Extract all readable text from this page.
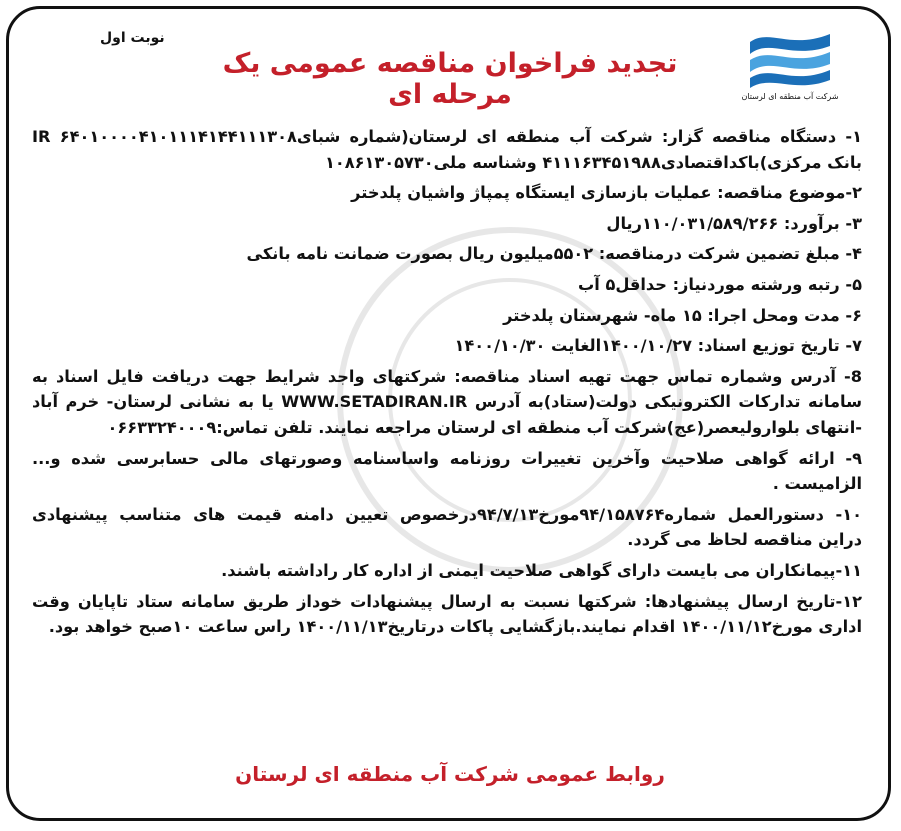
شرکت آب منطقه ای لرستان
نوبت اول
تجدید فراخوان مناقصه عمومی یک مرحله ای

۱- دستگاه مناقصه گزار: شرکت آب منطقه ای لرستان(شماره شبای۶۴۰۱۰۰۰۰۴۱۰۱۱۱۴۱۴۴۱۱۱۳۰۸ IR بانک مرکزی)باکداقتصادی۴۱۱۱۶۳۴۵۱۹۸۸ وشناسه ملی۱۰۸۶۱۳۰۵۷۳۰

۲-موضوع مناقصه: عملیات بازسازی ایستگاه پمپاژ واشیان پلدختر

۳- برآورد: ۱۱۰/۰۳۱/۵۸۹/۲۶۶ریال

۴- مبلغ تضمین شرکت درمناقصه: ۵۵۰۲میلیون ریال بصورت ضمانت نامه بانکی

۵- رتبه ورشته موردنیاز: حداقل۵ آب

۶- مدت ومحل اجرا: ۱۵ ماه- شهرستان پلدختر

۷- تاریخ توزیع اسناد: ۱۴۰۰/۱۰/۲۷الغایت ۱۴۰۰/۱۰/۳۰

8- آدرس وشماره تماس جهت تهیه اسناد مناقصه: شرکتهای واجد شرایط جهت دریافت فایل اسناد به سامانه تدارکات الکترونیکی دولت(ستاد)به آدرس WWW.SETADIRAN.IR یا به نشانی لرستان- خرم آباد -انتهای بلواروليعصر(عج)شرکت آب منطقه ای لرستان مراجعه نمایند. تلفن تماس:۰۶۶۳۳۲۴۰۰۰۹

۹- ارائه گواهی صلاحیت وآخرین تغییرات روزنامه واساسنامه وصورتهای مالی حسابرسی شده و... الزامیست .

۱۰- دستورالعمل شماره۹۴/۱۵۸۷۶۴مورخ۹۴/۷/۱۳درخصوص تعیین دامنه قیمت های متناسب پیشنهادی دراین مناقصه لحاظ می گردد.

۱۱-پیمانکاران می بایست دارای گواهی صلاحیت ایمنی از اداره کار راداشته باشند.

۱۲-تاریخ ارسال پیشنهادها: شرکتها نسبت به ارسال پیشنهادات خوداز طریق سامانه ستاد تاپایان وقت اداری مورخ۱۴۰۰/۱۱/۱۲ اقدام نمایند.بازگشایی پاکات درتاریخ۱۴۰۰/۱۱/۱۳ راس ساعت ۱۰صبح خواهد بود.

روابط عمومی شرکت آب منطقه ای لرستان
